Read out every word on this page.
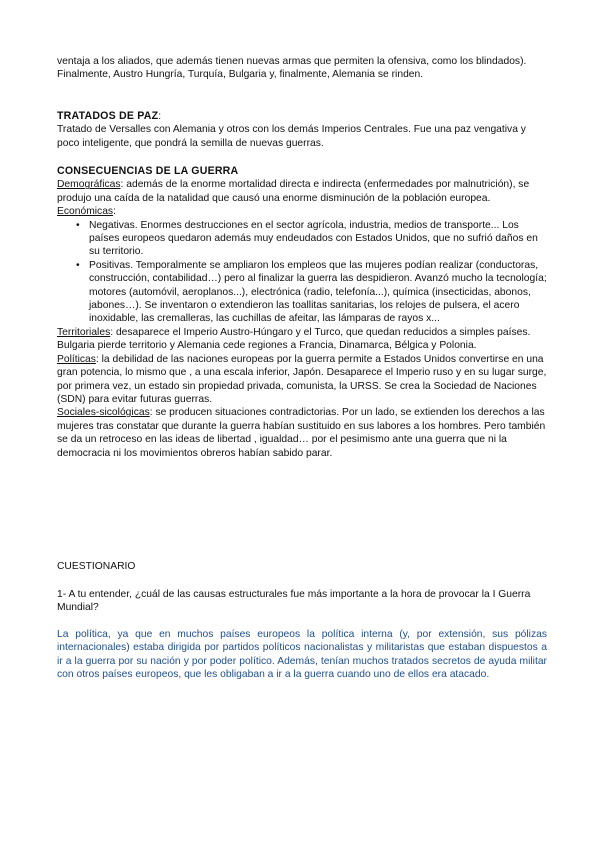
ventaja a los aliados, que además tienen nuevas armas que permiten la ofensiva, como los blindados). Finalmente, Austro Hungría, Turquía, Bulgaria y, finalmente, Alemania se rinden.

TRATADOS DE PAZ:

Tratado de Versalles con Alemania y otros con los demás Imperios Centrales. Fue una paz vengativa y poco inteligente, que pondrá la semilla de nuevas guerras.

CONSECUENCIAS DE LA GUERRA

Demográficas: además de la enorme mortalidad directa e indirecta (enfermedades por malnutrición), se produjo una caída de la natalidad que causó una enorme disminución de la población europea.

Económicas:

• Negativas. Enormes destrucciones en el sector agrícola, industria, medios de transporte... Los países europeos quedaron además muy endeudados con Estados Unidos, que no sufrió daños en su territorio.
• Positivas. Temporalmente se ampliaron los empleos que las mujeres podían realizar (conductoras, construcción, contabilidad…) pero al finalizar la guerra las despidieron. Avanzó mucho la tecnología; motores (automóvil, aeroplanos...), electrónica (radio, telefonía...), química (insecticidas, abonos, jabones…). Se inventaron o extendieron las toallitas sanitarias, los relojes de pulsera, el acero inoxidable, las cremalleras, las cuchillas de afeitar, las lámparas de rayos x...

Territoriales: desaparece el Imperio Austro-Húngaro y el Turco, que quedan reducidos a simples países. Bulgaria pierde territorio y Alemania cede regiones a Francia, Dinamarca, Bélgica y Polonia.

Políticas: la debilidad de las naciones europeas por la guerra permite a Estados Unidos convertirse en una gran potencia, lo mismo que , a una escala inferior, Japón. Desaparece el Imperio ruso y en su lugar surge, por primera vez, un estado sin propiedad privada, comunista, la URSS. Se crea la Sociedad de Naciones (SDN) para evitar futuras guerras.

Sociales-sicológicas: se producen situaciones contradictorias. Por un lado, se extienden los derechos a las mujeres tras constatar que durante la guerra habían sustituido en sus labores a los hombres. Pero también se da un retroceso en las ideas de libertad , igualdad… por el pesimismo ante una guerra que ni la democracia ni los movimientos obreros habían sabido parar.

CUESTIONARIO

1- A tu entender, ¿cuál de las causas estructurales fue más importante a la hora de provocar la I Guerra Mundial?

La política, ya que en muchos países europeos la política interna (y, por extensión, sus pólizas internacionales) estaba dirigida por partidos políticos nacionalistas y militaristas que estaban dispuestos a ir a la guerra por su nación y por poder político. Además, tenían muchos tratados secretos de ayuda militar con otros países europeos, que les obligaban a ir a la guerra cuando uno de ellos era atacado.
